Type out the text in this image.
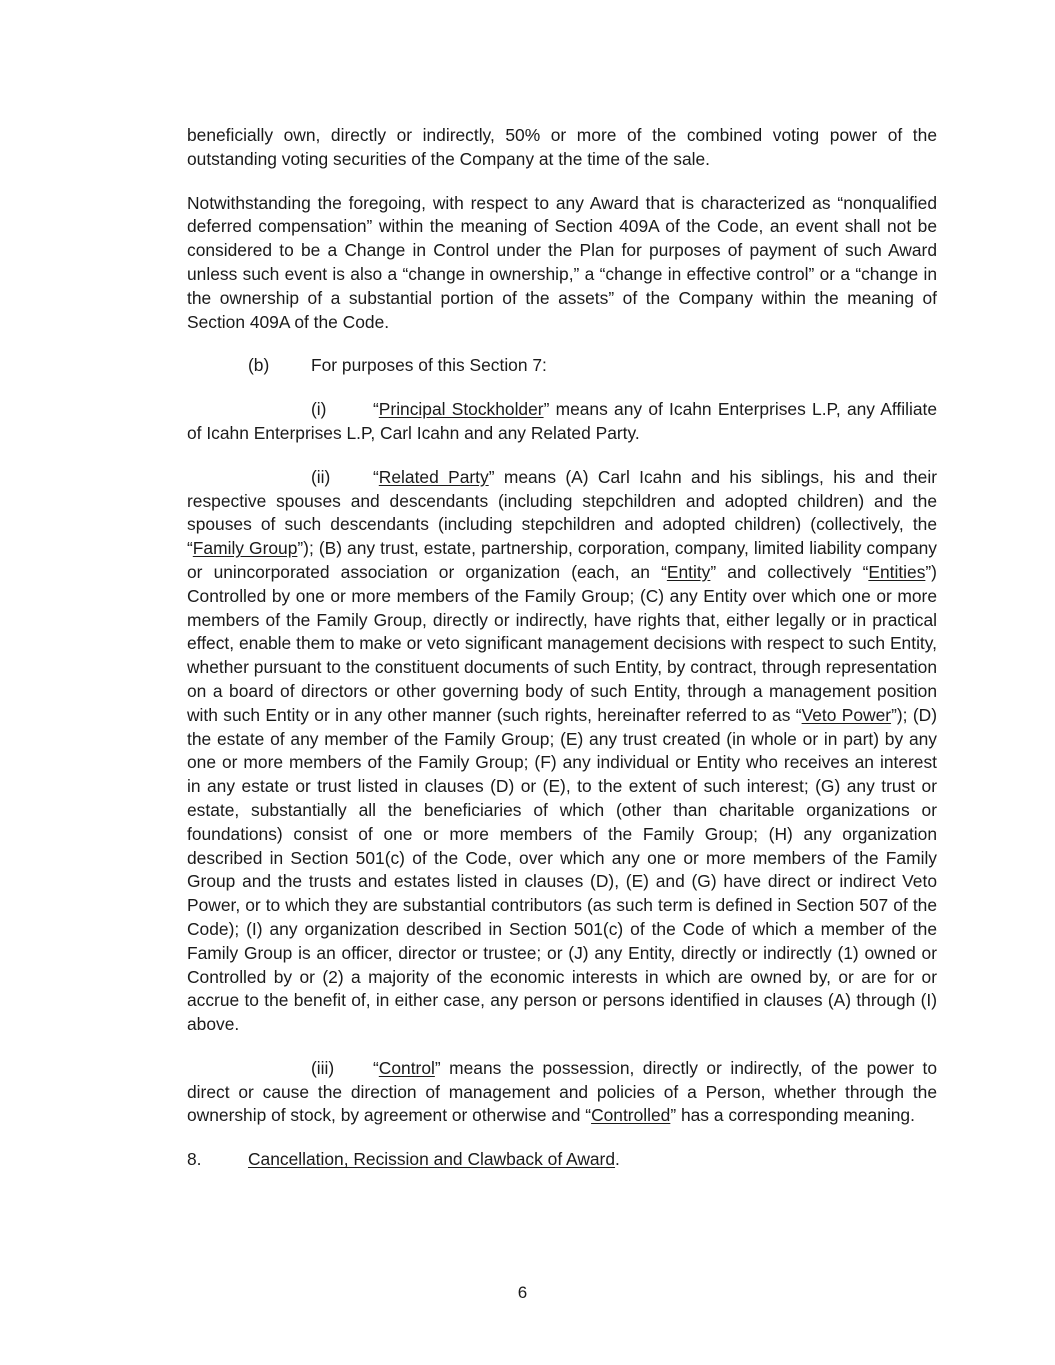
beneficially own, directly or indirectly, 50% or more of the combined voting power of the outstanding voting securities of the Company at the time of the sale.

Notwithstanding the foregoing, with respect to any Award that is characterized as “nonqualified deferred compensation” within the meaning of Section 409A of the Code, an event shall not be considered to be a Change in Control under the Plan for purposes of payment of such Award unless such event is also a “change in ownership,” a “change in effective control” or a “change in the ownership of a substantial portion of the assets” of the Company within the meaning of Section 409A of the Code.

(b) For purposes of this Section 7:

(i)	“Principal Stockholder” means any of Icahn Enterprises L.P, any Affiliate of Icahn Enterprises L.P, Carl Icahn and any Related Party.

(ii) “Related Party” means (A) Carl Icahn and his siblings, his and their respective spouses and descendants (including stepchildren and adopted children) and the spouses of such descendants (including stepchildren and adopted children) (collectively, the “Family Group”); (B) any trust, estate, partnership, corporation, company, limited liability company or unincorporated association or organization (each, an “Entity” and collectively “Entities”) Controlled by one or more members of the Family Group; (C) any Entity over which one or more members of the Family Group, directly or indirectly, have rights that, either legally or in practical effect, enable them to make or veto significant management decisions with respect to such Entity, whether pursuant to the constituent documents of such Entity, by contract, through representation on a board of directors or other governing body of such Entity, through a management position with such Entity or in any other manner (such rights, hereinafter referred to as “Veto Power”); (D) the estate of any member of the Family Group; (E) any trust created (in whole or in part) by any one or more members of the Family Group; (F) any individual or Entity who receives an interest in any estate or trust listed in clauses (D) or (E), to the extent of such interest; (G) any trust or estate, substantially all the beneficiaries of which (other than charitable organizations or foundations) consist of one or more members of the Family Group; (H) any organization described in Section 501(c) of the Code, over which any one or more members of the Family Group and the trusts and estates listed in clauses (D), (E) and (G) have direct or indirect Veto Power, or to which they are substantial contributors (as such term is defined in Section 507 of the Code); (I) any organization described in Section 501(c) of the Code of which a member of the Family Group is an officer, director or trustee; or (J) any Entity, directly or indirectly (1) owned or Controlled by or (2) a majority of the economic interests in which are owned by, or are for or accrue to the benefit of, in either case, any person or persons identified in clauses (A) through (I) above.

(iii) “Control” means the possession, directly or indirectly, of the power to direct or cause the direction of management and policies of a Person, whether through the ownership of stock, by agreement or otherwise and “Controlled” has a corresponding meaning.

8.	Cancellation, Recission and Clawback of Award.

6
